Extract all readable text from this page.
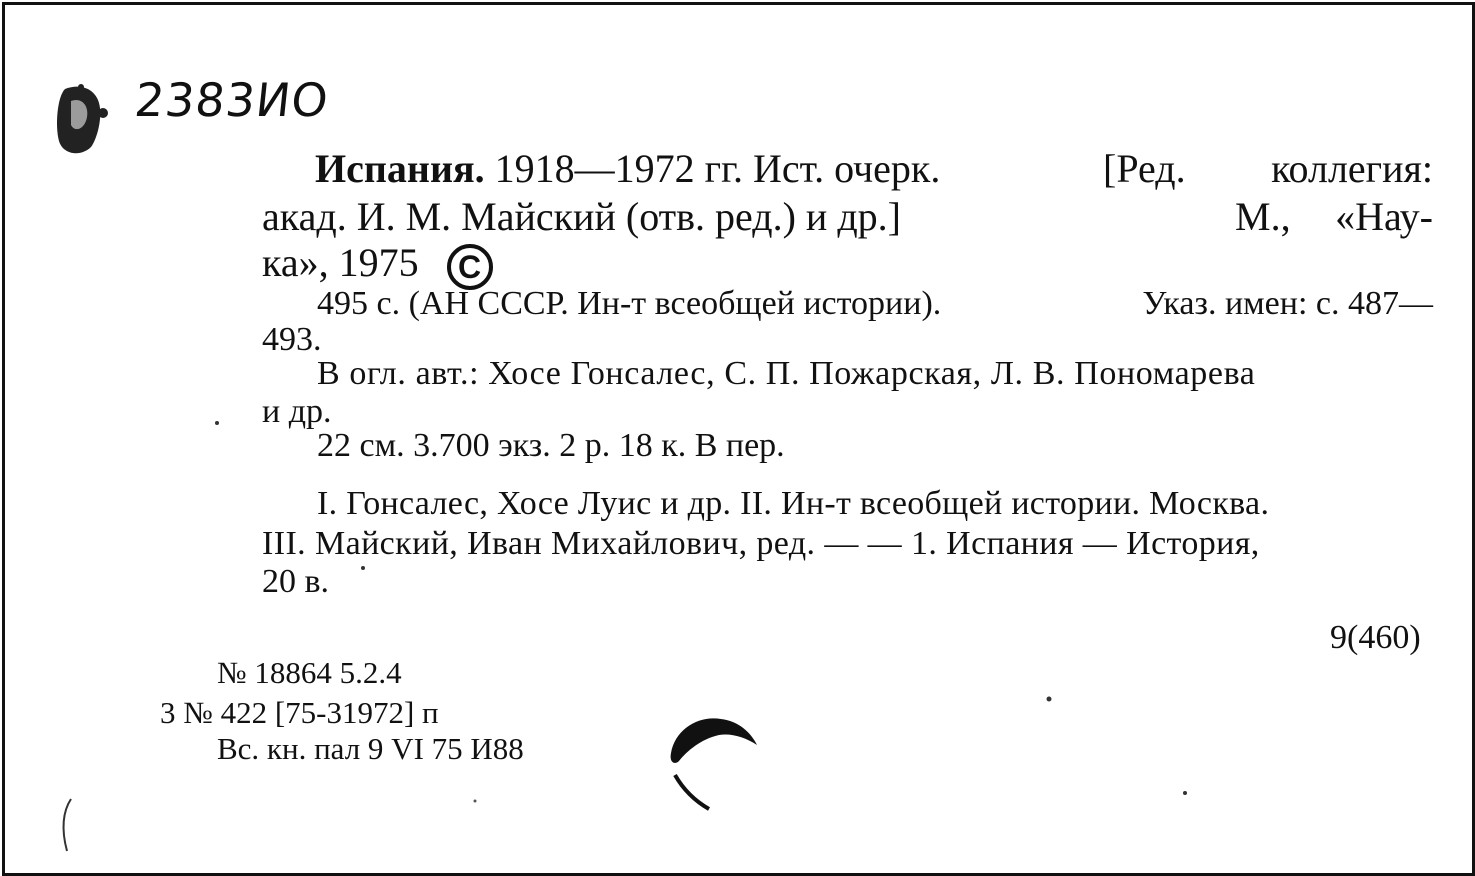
2383ИО
Испания. 1918—1972 гг. Ист. очерк.	[Ред. коллегия:
акад. И. М. Майский (отв. ред.) и др.]	М., «Нау-
ка», 1975 C
495 с. (АН СССР. Ин-т всеобщей истории).	Указ. имен: с. 487—
493.
В огл. авт.: Хосе Гонсалес, С. П. Пожарская, Л. В. Пономарева
и др.
22 см. 3.700 экз. 2 р. 18 к. В пер.
I. Гонсалес, Хосе Луис и др. II. Ин-т всеобщей истории. Москва.
III. Майский, Иван Михайлович, ред. — — 1. Испания — История,
20 в.
9(460)
№ 18864 5.2.4
3 № 422 [75-31972] п
Вс. кн. пал 9 VI 75 И88
